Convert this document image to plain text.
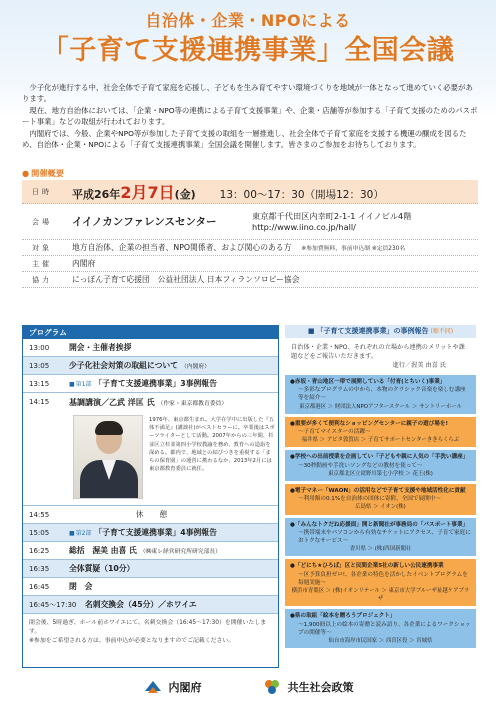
自治体・企業・NPOによる
「子育て支援連携事業」全国会議

少子化が進行する中、社会全体で子育て家庭を応援し、子どもを生み育てやすい環境づくりを地域が一体となって進めていく必要があります。

現在、地方自治体においては、「企業・NPO等の連携による子育て支援事業」や、企業・店舗等が参加する「子育て支援のためのパスポート事業」などの取組が行われております。

内閣府では、今般、企業やNPO等が参加した子育て支援の取組を一層推進し、社会全体で子育て家庭を支援する機運の醸成を図るため、自治体・企業・NPOによる「子育て支援連携事業」全国会議を開催します。皆さまのご参加をお待ちしております。

● 開催概要
日時	平成26年2月7日(金) 13：00～17：30（開場12：30）
会場	イイノカンファレンスセンター
東京都千代田区内幸町2-1-1 イイノビル4階
http://www.iino.co.jp/hall/
対象	地方自治体、企業の担当者、NPO関係者、および関心のある方 ※参加費無料、事前申込制 ※定員230名
主催	内閣府
協力	にっぽん子育て応援団　公益社団法人 日本フィランソロピー協会
プログラム
13:00	開会・主催者挨拶
13:05	少子化社会対策の取組について （内閣府）
13:15	■ 第1部 「子育て支援連携事業」3事例報告
14:15	基調講演／乙武 洋匡 氏 （作家・東京都教育委員）
1976年、東京都生まれ。大学在学中に出版した『五体不満足』(講談社)がベストセラーに。卒業後はスポーツライターとして活動。2007年からの三年間、杉並区立杉並第四小学校教諭を務め、教育への造詣を深める。都内で、地域との結びつきを重視する「まちの保育園」の運営に携わるなか、2013年2月には東京都教育委員に就任。
14:55	休　憩
15:05	■ 第2部 「子育て支援連携事業」4事例報告
16:25	総括　渥美 由喜 氏 （㈱東レ経営研究所研究部長）
16:35	全体質疑（10分）
16:45	閉　会
16:45～17:30	名刺交換会（45分）／ホワイエ
閉会後、5時過ぎ、ホール前ホワイエにて、名刺交換会（16:45～17:30）を開催いたします。
※参加をご希望される方は、事前申込が必要となりますのでご記載ください。
■ 「子育て支援連携事業」の事例報告 (順不同)
自治体・企業・NPO、それぞれの立場から連携のメリットや課題などをご報告いただきます。
進行／渥美 由喜 氏
●赤坂・青山地区一帯で展開している「付育(とちいく)事業」
～多彩なプログラムの中から、本物のクラシック音楽を楽しむ講座等を紹介～
東京都港区 ＞ 財団法人NPOアフタースクール ＞ サントリーホール
●重要が多くて便利なショッピングセンターに親子の遊び場を!
～子育てマイスターの活躍～
福井県 ＞ アピタ敦賀店 ＞ 子育てサポートセンターききらくらぶ
●学校への出前授業を企画してい「子どもや親に人気の「手洗い講座」
～30秒動画や手洗いソングなどの教材を使って～
東京都北区立滝野川第七小学校 ＞ 花王(株)
●電子マネー「WAON」の活用などで子育て支援や地域活性化に貢献
～利用額の0.1%を自治体の団体に寄附、全国で展開中～
広島県 ＞ イオン(株)
●「みんなトクだね応援面」開と新聞社が事務局の「パスポート事業」
～携帯端末やパソコンから有効なチケットにアクセス、子育て家庭におトクなサービス～
香川県 ＞ (株)四国新聞社
●「どにち★ひろば」区と民間企業5社の新しい公民連携事業
～区予算負担ゼロ!、各企業の特色を活かしたイベントプログラムを毎週実施～
横浜市青葉区 ＞ (株)イオンリテール ＞ 東京市大学ブルーザ祉越ケアブラザ
●県の取組「絵本を贈ろうプロジェクト」
～1,900冊以上の絵本の寄贈と読み語り、各企業によるワークショップの開催等～
仙台市海岸市民国家 ＞ 西宮区役 ＞ 宮城県
内閣府	共生社会政策
